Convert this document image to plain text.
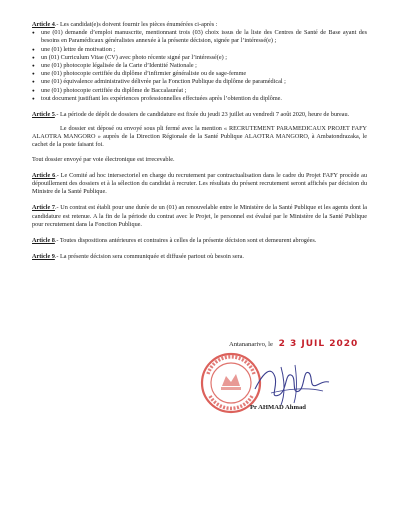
Article 4.- Les candidat(e)s doivent fournir les pièces énumérées ci-après :
● une (01) demande d’emploi manuscrite, mentionnant trois (03) choix issus de la liste des Centres de Santé de Base ayant des besoins en Paramédicaux généralistes annexée à la présente décision, signée par l’intéressé(e) ;
● une (01) lettre de motivation ;
● un (01) Curriculum Vitae (CV) avec photo récente signé par l’intéressé(e) ;
● une (01) photocopie légalisée de la Carte d’Identité Nationale ;
● une (01) photocopie certifiée du diplôme d’infirmier généraliste ou de sage-femme
● une (01) équivalence administrative délivrée par la Fonction Publique du diplôme de paramédical ;
● une (01) photocopie certifiée du diplôme de Baccalauréat ;
● tout document justifiant les expériences professionnelles effectuées après l’obtention du diplôme.
Article 5.- La période de dépôt de dossiers de candidature est fixée du jeudi 23 juillet au vendredi 7 août 2020, heure de bureau.
Le dossier est déposé ou envoyé sous pli fermé avec la mention « RECRUTEMENT PARAMEDICAUX PROJET FAFY ALAOTRA MANGORO » auprès de la Direction Régionale de la Santé Publique ALAOTRA MANGORO, à Ambatondrazaka, le cachet de la poste faisant foi.
Tout dossier envoyé par voie électronique est irrecevable.
Article 6.- Le Comité ad hoc intersectoriel en charge du recrutement par contractualisation dans le cadre du Projet FAFY procède au dépouillement des dossiers et à la sélection du candidat à recruter. Les résultats du présent recrutement seront affichés par décision du Ministre de la Santé Publique.
Article 7.- Un contrat est établi pour une durée de un (01) an renouvelable entre le Ministère de la Santé Publique et les agents dont la candidature est retenue. A la fin de la période du contrat avec le Projet, le personnel est évalué par le Ministère de la Santé Publique pour recrutement dans la Fonction Publique.
Article 8.- Toutes dispositions antérieures et contraires à celles de la présente décision sont et demeurent abrogées.
Article 9.- La présente décision sera communiquée et diffusée partout où besoin sera.
Antananarivo, le 2 3 JUIL 2020
Pr AHMAD Ahmad
